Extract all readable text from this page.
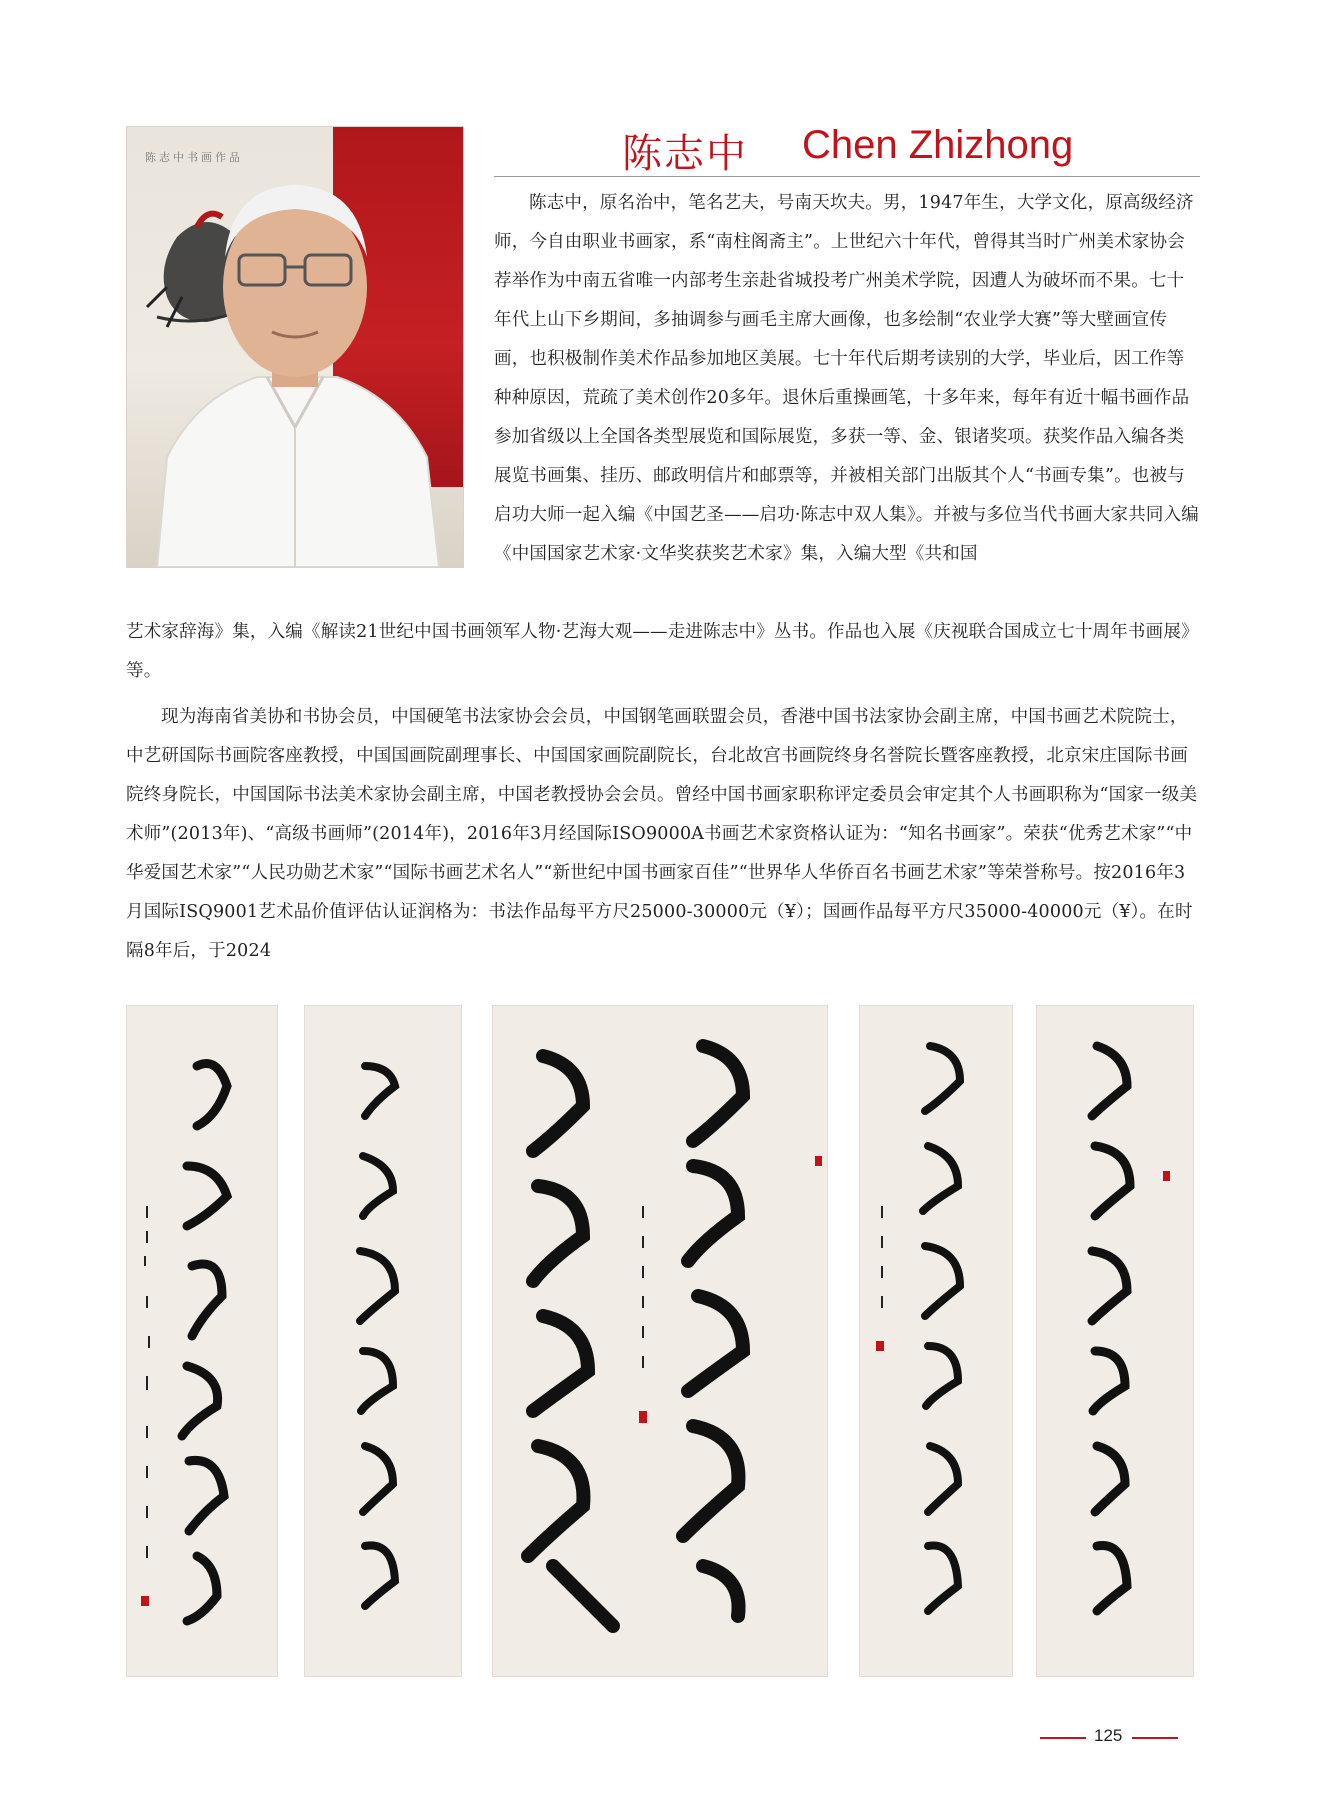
陈志中书画作品	陈志中 Chen Zhizhong

陈志中，原名治中，笔名艺夫，号南天坎夫。男，1947年生，大学文化，原高级经济师，今自由职业书画家，系“南柱阁斋主”。上世纪六十年代，曾得其当时广州美术家协会荐举作为中南五省唯一内部考生亲赴省城投考广州美术学院，因遭人为破坏而不果。七十年代上山下乡期间，多抽调参与画毛主席大画像，也多绘制“农业学大赛”等大壁画宣传画，也积极制作美术作品参加地区美展。七十年代后期考读别的大学，毕业后，因工作等种种原因，荒疏了美术创作20多年。退休后重操画笔，十多年来，每年有近十幅书画作品参加省级以上全国各类型展览和国际展览，多获一等、金、银诸奖项。获奖作品入编各类展览书画集、挂历、邮政明信片和邮票等，并被相关部门出版其个人“书画专集”。也被与启功大师一起入编《中国艺圣——启功·陈志中双人集》。并被与多位当代书画大家共同入编《中国国家艺术家·文华奖获奖艺术家》集，入编大型《共和国

艺术家辞海》集，入编《解读21世纪中国书画领军人物·艺海大观——走进陈志中》丛书。作品也入展《庆视联合国成立七十周年书画展》等。

现为海南省美协和书协会员，中国硬笔书法家协会会员，中国钢笔画联盟会员，香港中国书法家协会副主席，中国书画艺术院院士，中艺研国际书画院客座教授，中国国画院副理事长、中国国家画院副院长，台北故宫书画院终身名誉院长暨客座教授，北京宋庄国际书画院终身院长，中国国际书法美术家协会副主席，中国老教授协会会员。曾经中国书画家职称评定委员会审定其个人书画职称为“国家一级美术师”(2013年)、“高级书画师”(2014年)，2016年3月经国际ISO9000A书画艺术家资格认证为：“知名书画家”。荣获“优秀艺术家”“中华爱国艺术家”“人民功勋艺术家”“国际书画艺术名人”“新世纪中国书画家百佳”“世界华人华侨百名书画艺术家”等荣誉称号。按2016年3月国际ISQ9001艺术品价值评估认证润格为：书法作品每平方尺25000-30000元（¥）；国画作品每平方尺35000-40000元（¥）。在时隔8年后，于2024

125
